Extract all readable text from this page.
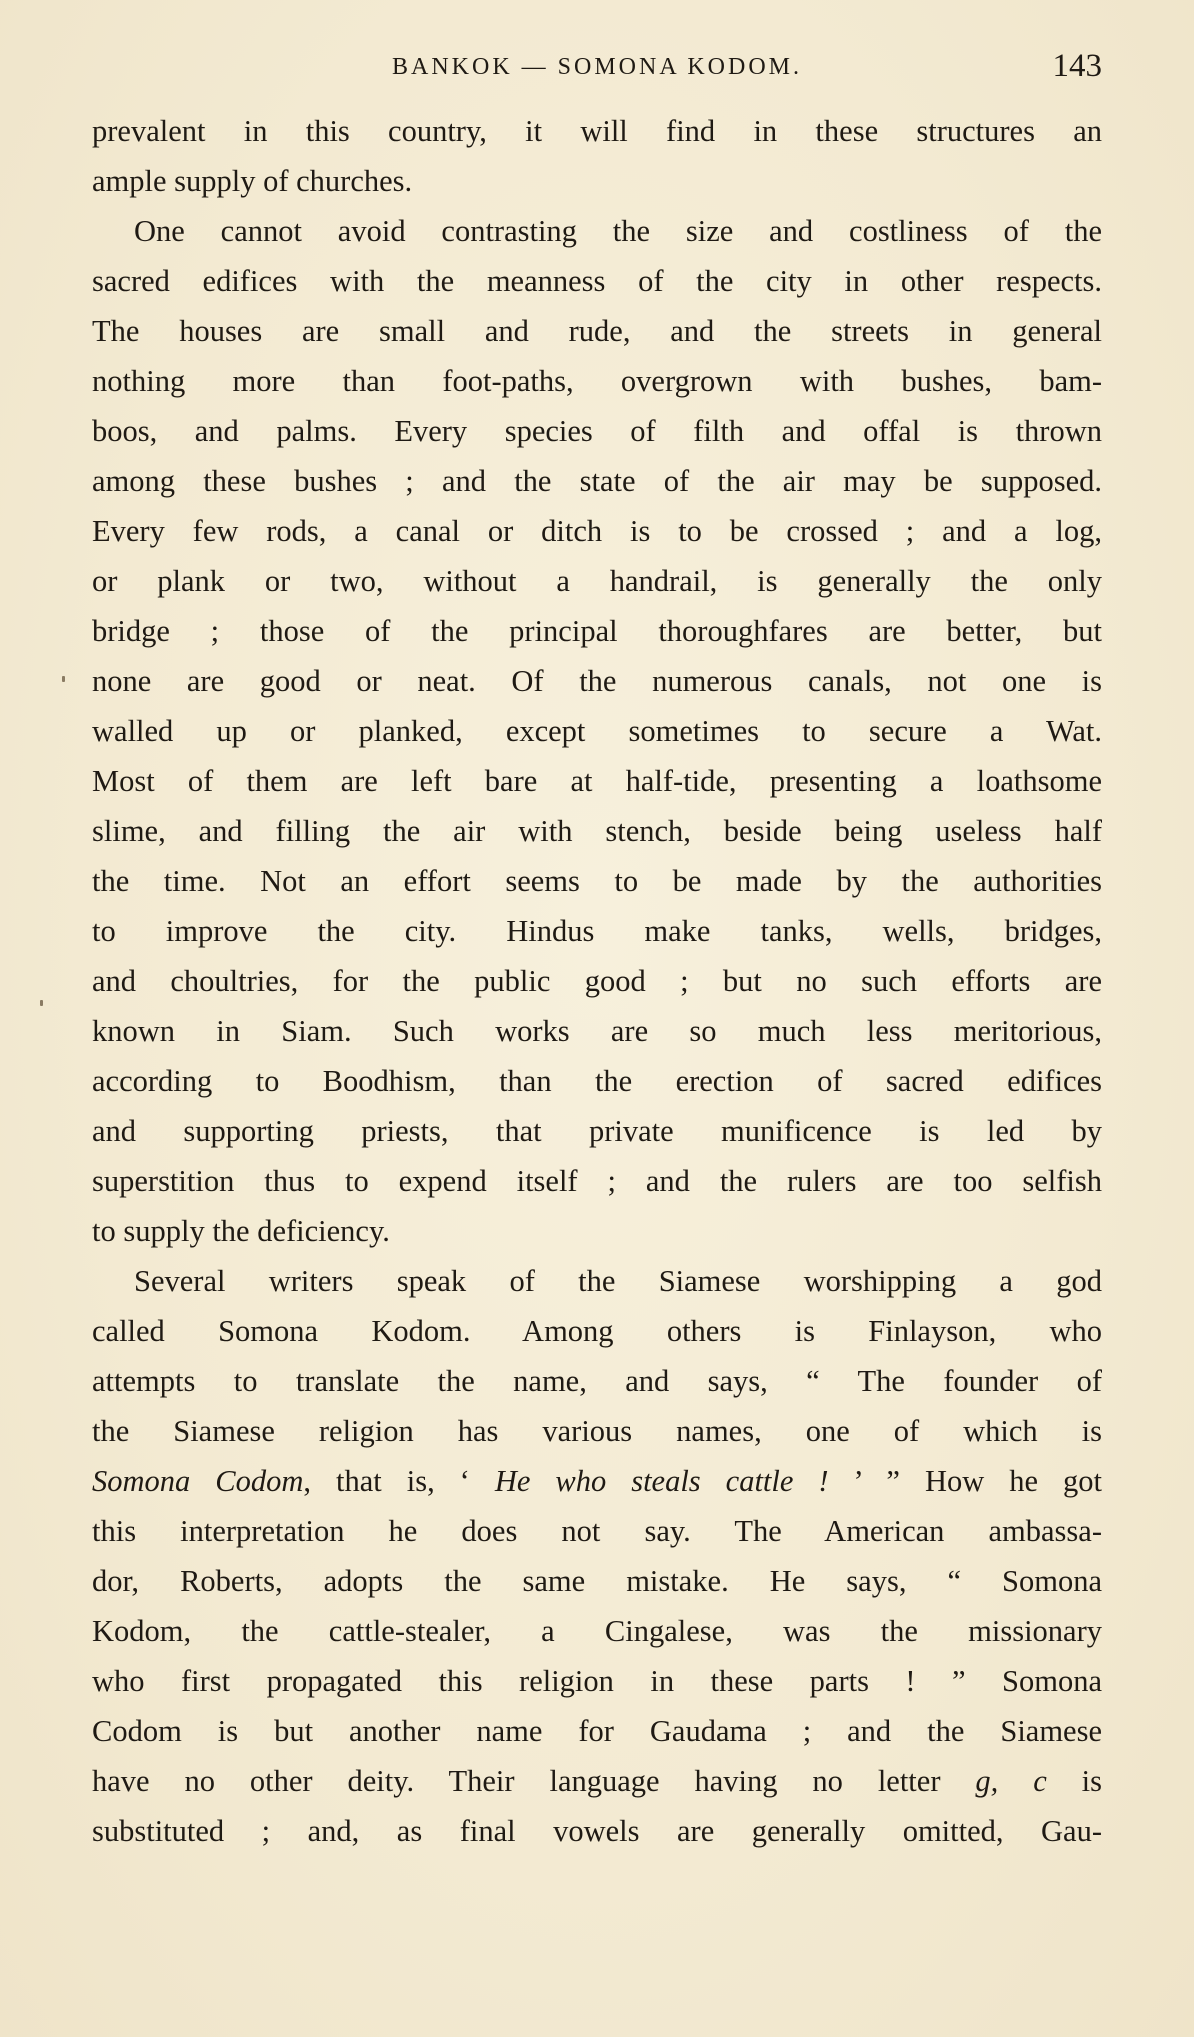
BANKOK — SOMONA KODOM.	143
prevalent in this country, it will find in these structures an
ample supply of churches.
One cannot avoid contrasting the size and costliness of the
sacred edifices with the meanness of the city in other respects.
The houses are small and rude, and the streets in general
nothing more than foot-paths, overgrown with bushes, bam-
boos, and palms. Every species of filth and offal is thrown
among these bushes ; and the state of the air may be supposed.
Every few rods, a canal or ditch is to be crossed ; and a log,
or plank or two, without a handrail, is generally the only
bridge ; those of the principal thoroughfares are better, but
none are good or neat. Of the numerous canals, not one is
walled up or planked, except sometimes to secure a Wat.
Most of them are left bare at half-tide, presenting a loathsome
slime, and filling the air with stench, beside being useless half
the time. Not an effort seems to be made by the authorities
to improve the city. Hindus make tanks, wells, bridges,
and choultries, for the public good ; but no such efforts are
known in Siam. Such works are so much less meritorious,
according to Boodhism, than the erection of sacred edifices
and supporting priests, that private munificence is led by
superstition thus to expend itself ; and the rulers are too selfish
to supply the deficiency.
Several writers speak of the Siamese worshipping a god
called Somona Kodom. Among others is Finlayson, who
attempts to translate the name, and says, “ The founder of
the Siamese religion has various names, one of which is
Somona Codom, that is, ‘ He who steals cattle ! ’ ” How he got
this interpretation he does not say. The American ambassa-
dor, Roberts, adopts the same mistake. He says, “ Somona
Kodom, the cattle-stealer, a Cingalese, was the missionary
who first propagated this religion in these parts ! ” Somona
Codom is but another name for Gaudama ; and the Siamese
have no other deity. Their language having no letter g, c is
substituted ; and, as final vowels are generally omitted, Gau-
